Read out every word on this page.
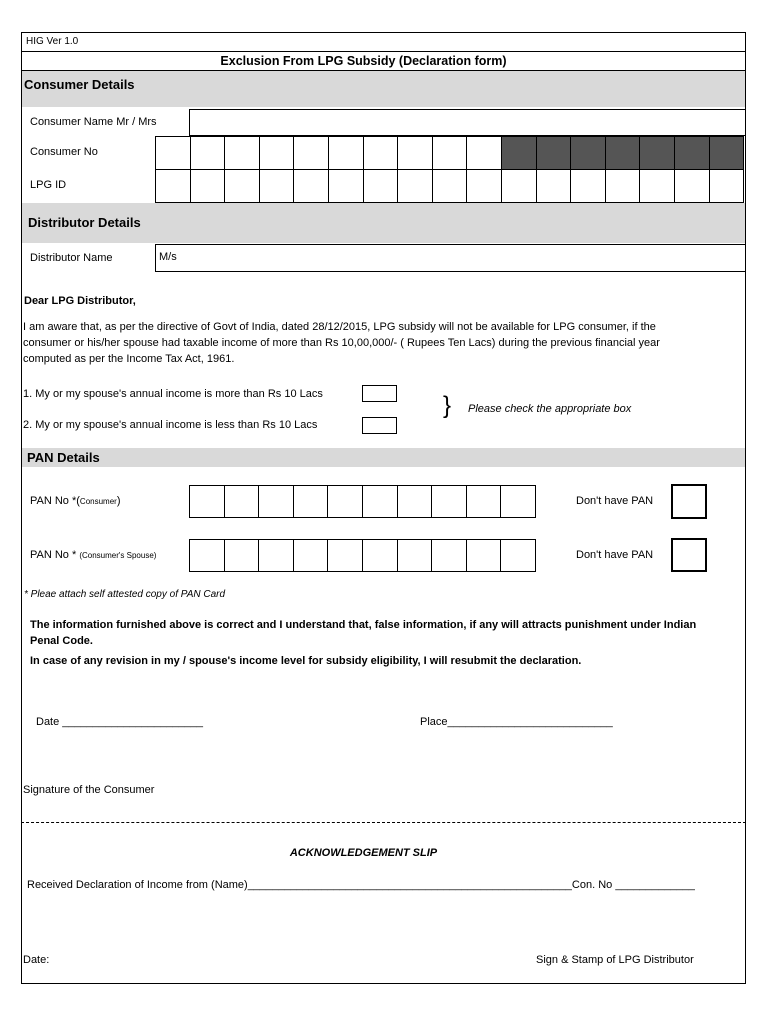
HIG Ver 1.0
Exclusion From LPG Subsidy (Declaration form)
Consumer Details
Consumer Name Mr / Mrs
Consumer No
LPG ID
Distributor Details
Distributor Name	M/s
Dear LPG Distributor,
I am aware that, as per the directive of Govt of India, dated 28/12/2015, LPG subsidy will not be available for LPG consumer, if the
consumer or his/her spouse had taxable income of more than Rs 10,00,000/- ( Rupees Ten Lacs) during the previous financial year
computed as per the Income Tax Act, 1961.
1. My or my spouse's annual income is more than Rs 10 Lacs
2. My or my spouse's annual income is less than Rs 10 Lacs
} Please check the appropriate box
PAN Details
PAN No *(Consumer)	Don't have PAN
PAN No * (Consumer's Spouse)	Don't have PAN
* Pleae attach self attested copy of PAN Card
The information furnished above is correct and I understand that, false information, if any will attracts punishment under Indian
Penal Code.
In case of any revision in my / spouse's income level for subsidy eligibility, I will resubmit the declaration.
Date _______________________	Place___________________________
Signature of the Consumer
ACKNOWLEDGEMENT SLIP
Received Declaration of Income from (Name)_____________________________________________________Con. No _____________
Date:	Sign & Stamp of LPG Distributor
